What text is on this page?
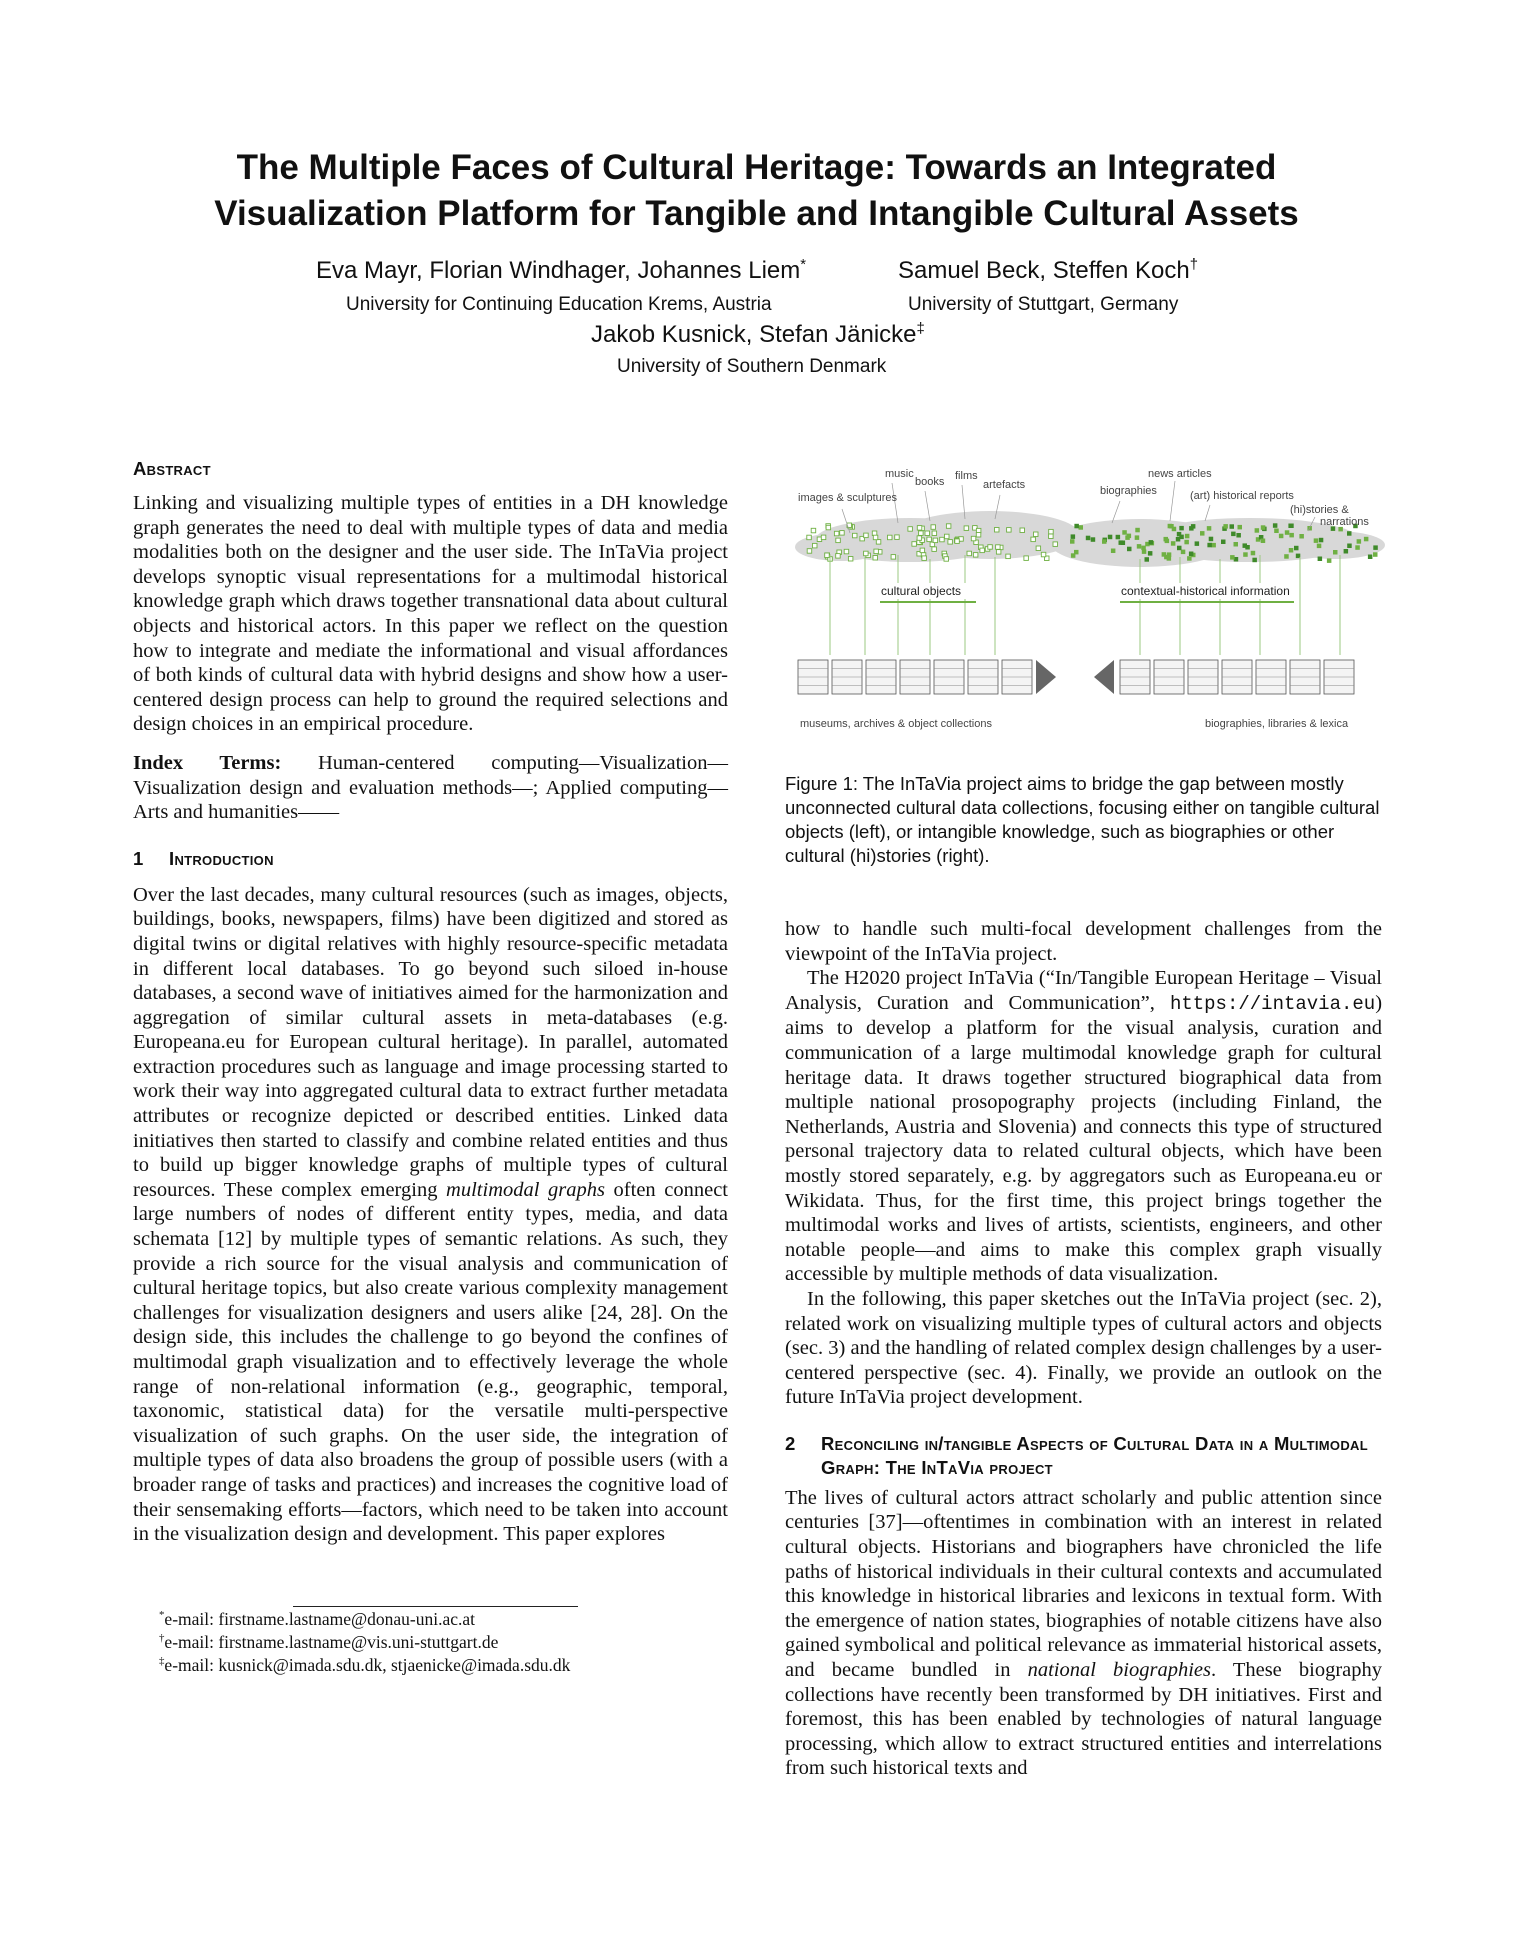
The Multiple Faces of Cultural Heritage: Towards an Integrated
Visualization Platform for Tangible and Intangible Cultural Assets
Eva Mayr, Florian Windhager, Johannes Liem*
University for Continuing Education Krems, Austria
Samuel Beck, Steffen Koch†
University of Stuttgart, Germany
Jakob Kusnick, Stefan Jänicke‡
University of Southern Denmark
Abstract

Linking and visualizing multiple types of entities in a DH knowledge graph generates the need to deal with multiple types of data and media modalities both on the designer and the user side. The InTaVia project develops synoptic visual representations for a multimodal historical knowledge graph which draws together transnational data about cultural objects and historical actors. In this paper we reflect on the question how to integrate and mediate the informational and visual affordances of both kinds of cultural data with hybrid designs and show how a user-centered design process can help to ground the required selections and design choices in an empirical procedure.

Index Terms: Human-centered computing—Visualization—Visualization design and evaluation methods—; Applied computing—Arts and humanities——

1 Introduction

Over the last decades, many cultural resources (such as images, objects, buildings, books, newspapers, films) have been digitized and stored as digital twins or digital relatives with highly resource-specific metadata in different local databases. To go beyond such siloed in-house databases, a second wave of initiatives aimed for the harmonization and aggregation of similar cultural assets in meta-databases (e.g. Europeana.eu for European cultural heritage). In parallel, automated extraction procedures such as language and image processing started to work their way into aggregated cultural data to extract further metadata attributes or recognize depicted or described entities. Linked data initiatives then started to classify and combine related entities and thus to build up bigger knowledge graphs of multiple types of cultural resources. These complex emerging multimodal graphs often connect large numbers of nodes of different entity types, media, and data schemata [12] by multiple types of semantic relations. As such, they provide a rich source for the visual analysis and communication of cultural heritage topics, but also create various complexity management challenges for visualization designers and users alike [24, 28]. On the design side, this includes the challenge to go beyond the confines of multimodal graph visualization and to effectively leverage the whole range of non-relational information (e.g., geographic, temporal, taxonomic, statistical data) for the versatile multi-perspective visualization of such graphs. On the user side, the integration of multiple types of data also broadens the group of possible users (with a broader range of tasks and practices) and increases the cognitive load of their sensemaking efforts—factors, which need to be taken into account in the visualization design and development. This paper explores

*e-mail: firstname.lastname@donau-uni.ac.at
†e-mail: firstname.lastname@vis.uni-stuttgart.de
‡e-mail: kusnick@imada.sdu.dk, stjaenicke@imada.sdu.dk
images & sculptures
music
books films
artefacts	biographies
news articles
(art) historical reports
(hi)stories &
narrations
cultural objects	contextual-historical information
museums, archives & object collections	biographies, libraries & lexica
Figure 1: The InTaVia project aims to bridge the gap between mostly unconnected cultural data collections, focusing either on tangible cultural objects (left), or intangible knowledge, such as biographies or other cultural (hi)stories (right).

how to handle such multi-focal development challenges from the viewpoint of the InTaVia project.

The H2020 project InTaVia (“In/Tangible European Heritage – Visual Analysis, Curation and Communication”, https://intavia.eu) aims to develop a platform for the visual analysis, curation and communication of a large multimodal knowledge graph for cultural heritage data. It draws together structured biographical data from multiple national prosopography projects (including Finland, the Netherlands, Austria and Slovenia) and connects this type of structured personal trajectory data to related cultural objects, which have been mostly stored separately, e.g. by aggregators such as Europeana.eu or Wikidata. Thus, for the first time, this project brings together the multimodal works and lives of artists, scientists, engineers, and other notable people—and aims to make this complex graph visually accessible by multiple methods of data visualization.

In the following, this paper sketches out the InTaVia project (sec. 2), related work on visualizing multiple types of cultural actors and objects (sec. 3) and the handling of related complex design challenges by a user-centered perspective (sec. 4). Finally, we provide an outlook on the future InTaVia project development.

2 Reconciling in/tangible Aspects of Cultural Data in a Multimodal Graph: The InTaVia project

The lives of cultural actors attract scholarly and public attention since centuries [37]—oftentimes in combination with an interest in related cultural objects. Historians and biographers have chronicled the life paths of historical individuals in their cultural contexts and accumulated this knowledge in historical libraries and lexicons in textual form. With the emergence of nation states, biographies of notable citizens have also gained symbolical and political relevance as immaterial historical assets, and became bundled in national biographies. These biography collections have recently been transformed by DH initiatives. First and foremost, this has been enabled by technologies of natural language processing, which allow to extract structured entities and interrelations from such historical texts and
